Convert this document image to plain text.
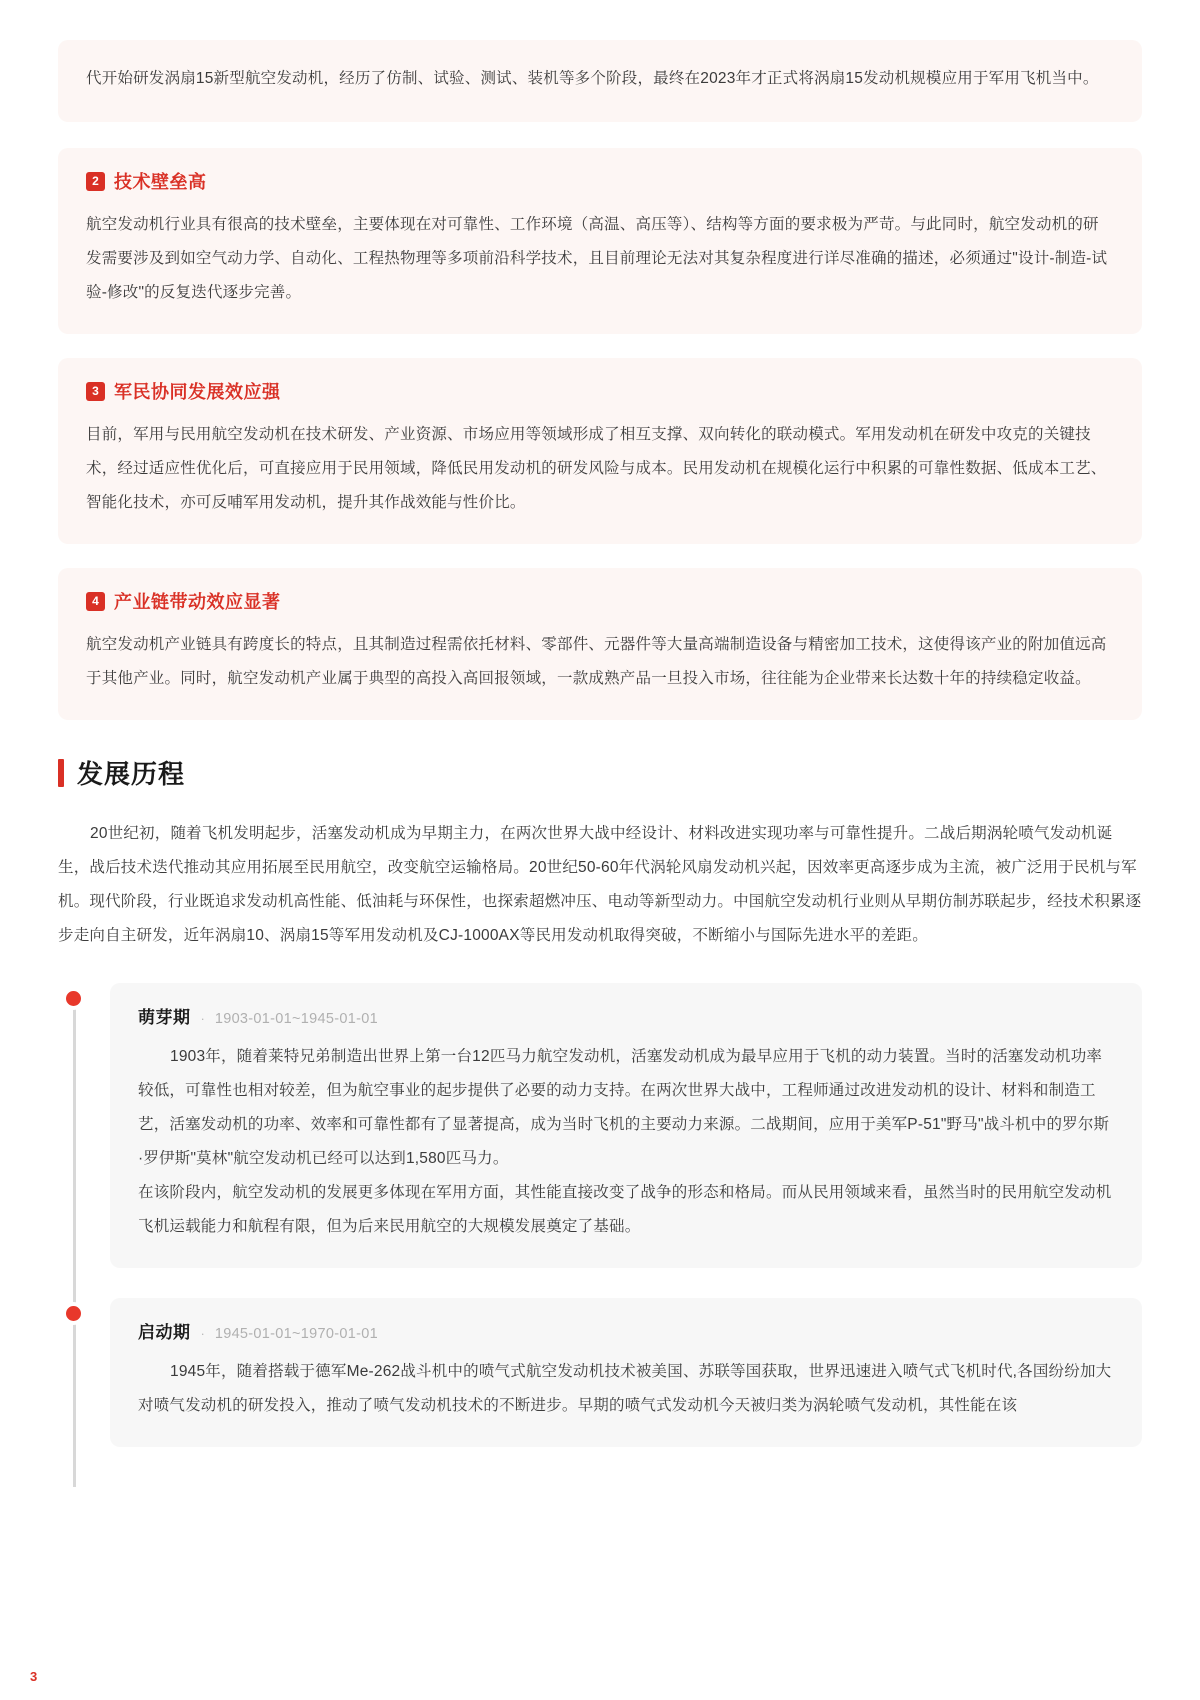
代开始研发涡扇15新型航空发动机，经历了仿制、试验、测试、装机等多个阶段，最终在2023年才正式将涡扇15发动机规模应用于军用飞机当中。

2 技术壁垒高

航空发动机行业具有很高的技术壁垒，主要体现在对可靠性、工作环境（高温、高压等）、结构等方面的要求极为严苛。与此同时，航空发动机的研发需要涉及到如空气动力学、自动化、工程热物理等多项前沿科学技术，且目前理论无法对其复杂程度进行详尽准确的描述，必须通过"设计-制造-试验-修改"的反复迭代逐步完善。

3 军民协同发展效应强

目前，军用与民用航空发动机在技术研发、产业资源、市场应用等领域形成了相互支撑、双向转化的联动模式。军用发动机在研发中攻克的关键技术，经过适应性优化后，可直接应用于民用领域，降低民用发动机的研发风险与成本。民用发动机在规模化运行中积累的可靠性数据、低成本工艺、智能化技术，亦可反哺军用发动机，提升其作战效能与性价比。

4 产业链带动效应显著

航空发动机产业链具有跨度长的特点，且其制造过程需依托材料、零部件、元器件等大量高端制造设备与精密加工技术，这使得该产业的附加值远高于其他产业。同时，航空发动机产业属于典型的高投入高回报领域，一款成熟产品一旦投入市场，往往能为企业带来长达数十年的持续稳定收益。

发展历程

20世纪初，随着飞机发明起步，活塞发动机成为早期主力，在两次世界大战中经设计、材料改进实现功率与可靠性提升。二战后期涡轮喷气发动机诞生，战后技术迭代推动其应用拓展至民用航空，改变航空运输格局。20世纪50-60年代涡轮风扇发动机兴起，因效率更高逐步成为主流，被广泛用于民机与军机。现代阶段，行业既追求发动机高性能、低油耗与环保性，也探索超燃冲压、电动等新型动力。中国航空发动机行业则从早期仿制苏联起步，经技术积累逐步走向自主研发，近年涡扇10、涡扇15等军用发动机及CJ-1000AX等民用发动机取得突破，不断缩小与国际先进水平的差距。

萌芽期 · 1903-01-01~1945-01-01

1903年，随着莱特兄弟制造出世界上第一台12匹马力航空发动机，活塞发动机成为最早应用于飞机的动力装置。当时的活塞发动机功率较低，可靠性也相对较差，但为航空事业的起步提供了必要的动力支持。在两次世界大战中，工程师通过改进发动机的设计、材料和制造工艺，活塞发动机的功率、效率和可靠性都有了显著提高，成为当时飞机的主要动力来源。二战期间，应用于美军P-51"野马"战斗机中的罗尔斯·罗伊斯"莫林"航空发动机已经可以达到1,580匹马力。

在该阶段内，航空发动机的发展更多体现在军用方面，其性能直接改变了战争的形态和格局。而从民用领域来看，虽然当时的民用航空发动机飞机运载能力和航程有限，但为后来民用航空的大规模发展奠定了基础。

启动期 · 1945-01-01~1970-01-01

1945年，随着搭载于德军Me-262战斗机中的喷气式航空发动机技术被美国、苏联等国获取，世界迅速进入喷气式飞机时代,各国纷纷加大对喷气发动机的研发投入，推动了喷气发动机技术的不断进步。早期的喷气式发动机今天被归类为涡轮喷气发动机，其性能在该

3
